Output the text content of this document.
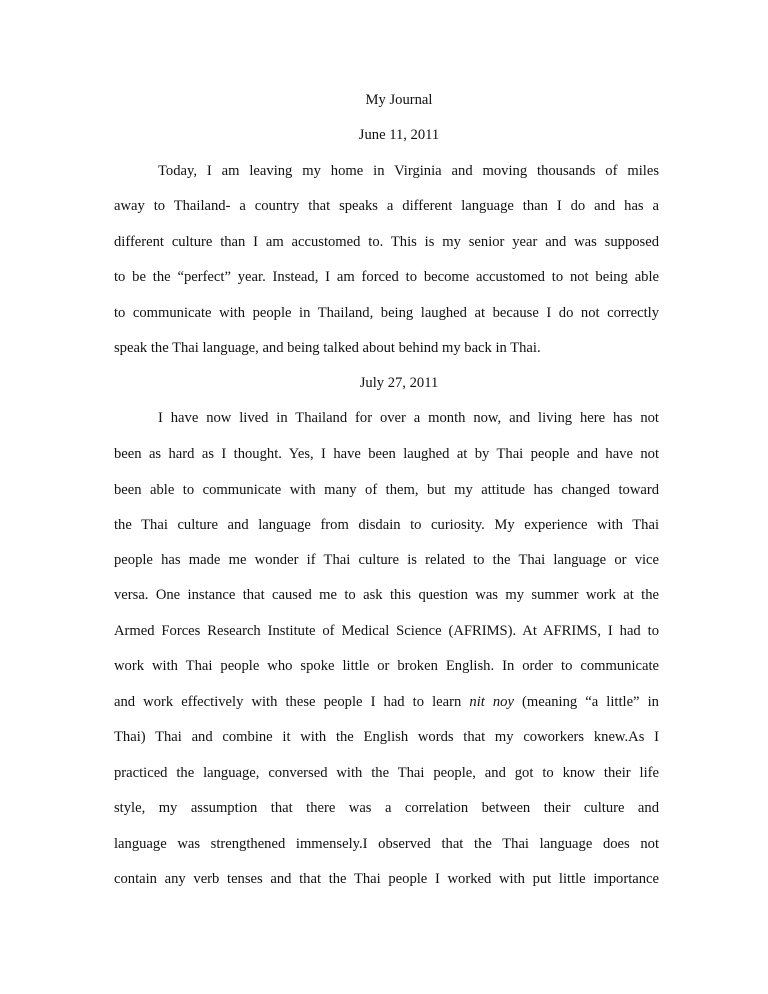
My Journal
June 11, 2011
Today, I am leaving my home in Virginia and moving thousands of miles
away to Thailand- a country that speaks a different language than I do and has a
different culture than I am accustomed to. This is my senior year and was supposed
to be the “perfect” year. Instead, I am forced to become accustomed to not being able
to communicate with people in Thailand, being laughed at because I do not correctly
speak the Thai language, and being talked about behind my back in Thai.
July 27, 2011
I have now lived in Thailand for over a month now, and living here has not
been as hard as I thought. Yes, I have been laughed at by Thai people and have not
been able to communicate with many of them, but my attitude has changed toward
the Thai culture and language from disdain to curiosity. My experience with Thai
people has made me wonder if Thai culture is related to the Thai language or vice
versa. One instance that caused me to ask this question was my summer work at the
Armed Forces Research Institute of Medical Science (AFRIMS). At AFRIMS, I had to
work with Thai people who spoke little or broken English. In order to communicate
and work effectively with these people I had to learn nit noy (meaning “a little” in
Thai) Thai and combine it with the English words that my coworkers knew.As I
practiced the language, conversed with the Thai people, and got to know their life
style, my assumption that there was a correlation between their culture and
language was strengthened immensely.I observed that the Thai language does not
contain any verb tenses and that the Thai people I worked with put little importance
